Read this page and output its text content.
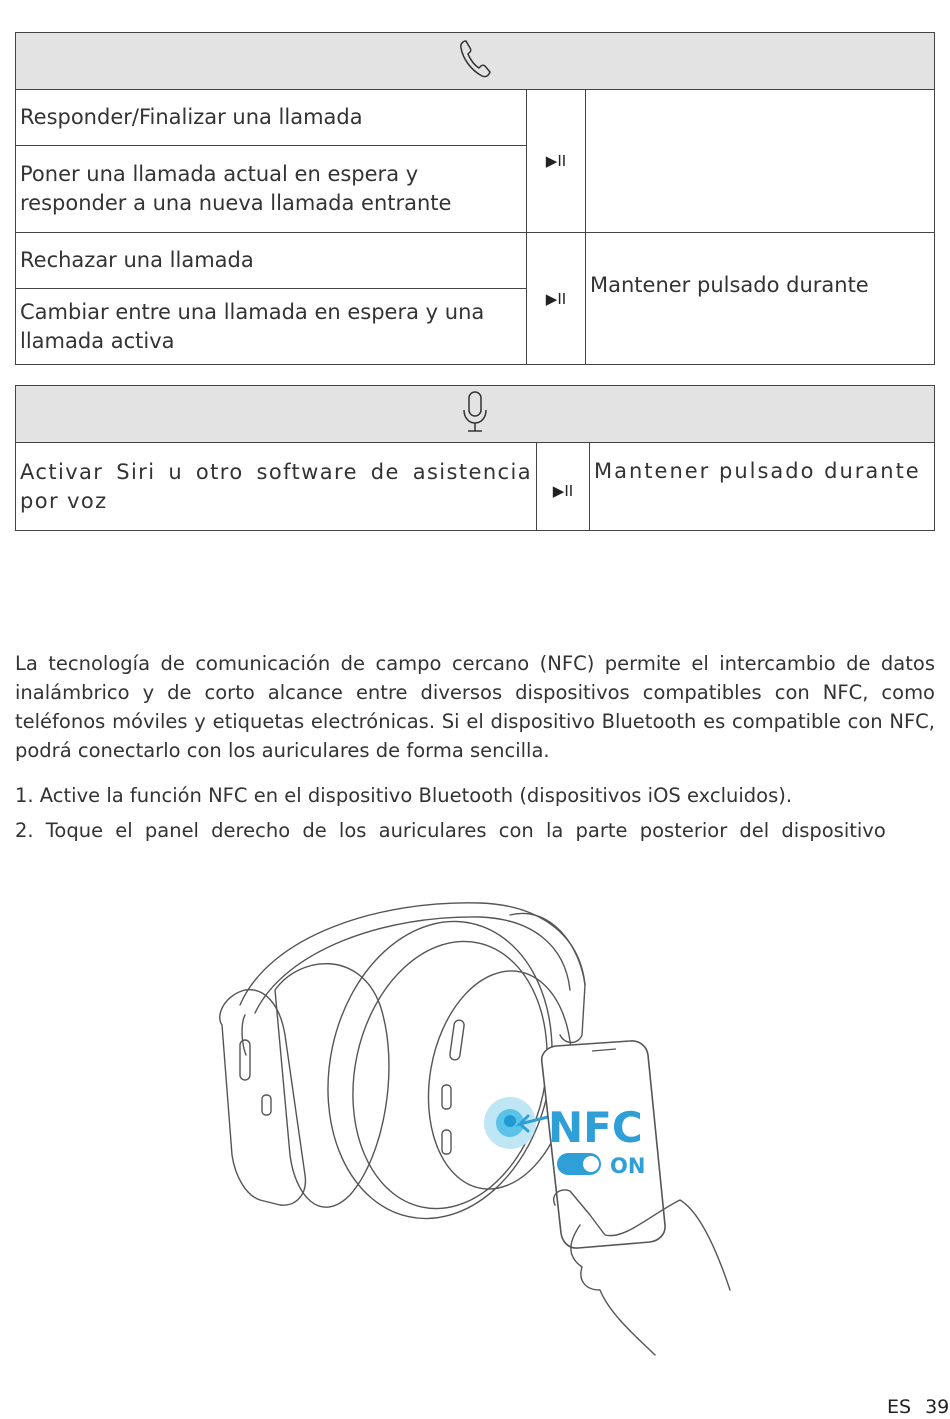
Responder/Finalizar una llamada	▶II	
Poner una llamada actual en espera y responder a una nueva llamada entrante		
Rechazar una llamada	▶II	Mantener pulsado durante
Cambiar entre una llamada en espera y una llamada activa		

Activar Siri u otro software de asistencia por voz	▶II	Mantener pulsado durante

La tecnología de comunicación de campo cercano (NFC) permite el intercambio de datos inalámbrico y de corto alcance entre diversos dispositivos compatibles con NFC, como teléfonos móviles y etiquetas electrónicas. Si el dispositivo Bluetooth es compatible con NFC, podrá conectarlo con los auriculares de forma sencilla.

1. Active la función NFC en el dispositivo Bluetooth (dispositivos iOS excluidos).

2. Toque el panel derecho de los auriculares con la parte posterior del dispositivo

NFC
ON
ES 39
